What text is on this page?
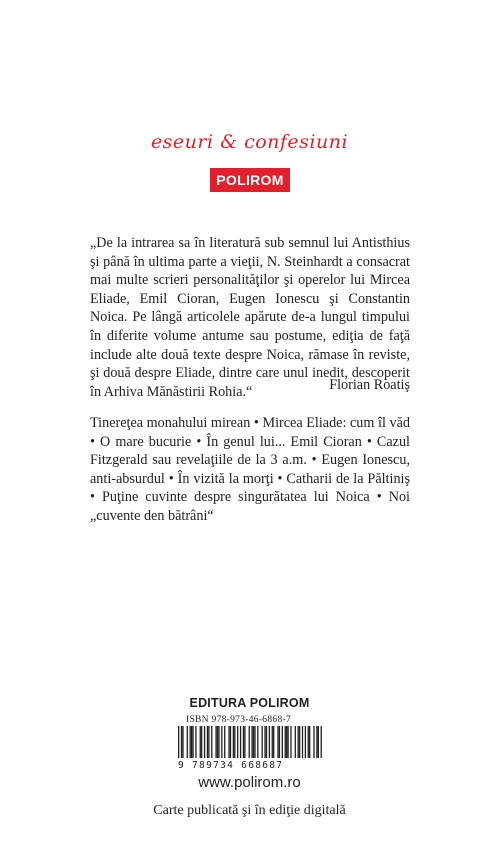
eseuri & confesiuni
POLIROM

„De la intrarea sa în literatură sub semnul lui Antisthius şi până în ultima parte a vieţii, N. Steinhardt a consacrat mai multe scrieri personalităţilor şi operelor lui Mircea Eliade, Emil Cioran, Eugen Ionescu şi Constantin Noica. Pe lângă articolele apărute de-a lungul timpului în diferite volume antume sau postume, ediţia de faţă include alte două texte despre Noica, rămase în reviste, şi două despre Eliade, dintre care unul inedit, descoperit în Arhiva Mănăstirii Rohia.“	Florian Roatiş

Tinereţea monahului mirean • Mircea Eliade: cum îl văd • O mare bucurie • În genul lui... Emil Cioran • Cazul Fitzgerald sau revelaţiile de la 3 a.m. • Eugen Ionescu, anti-absurdul • În vizită la morţi • Catharii de la Păltiniş • Puţine cuvinte despre singurătatea lui Noica • Noi „cuvente den bătrâni“

EDITURA POLIROM
ISBN 978-973-46-6868-7
9 789734 668687
www.polirom.ro
Carte publicată şi în ediţie digitală
